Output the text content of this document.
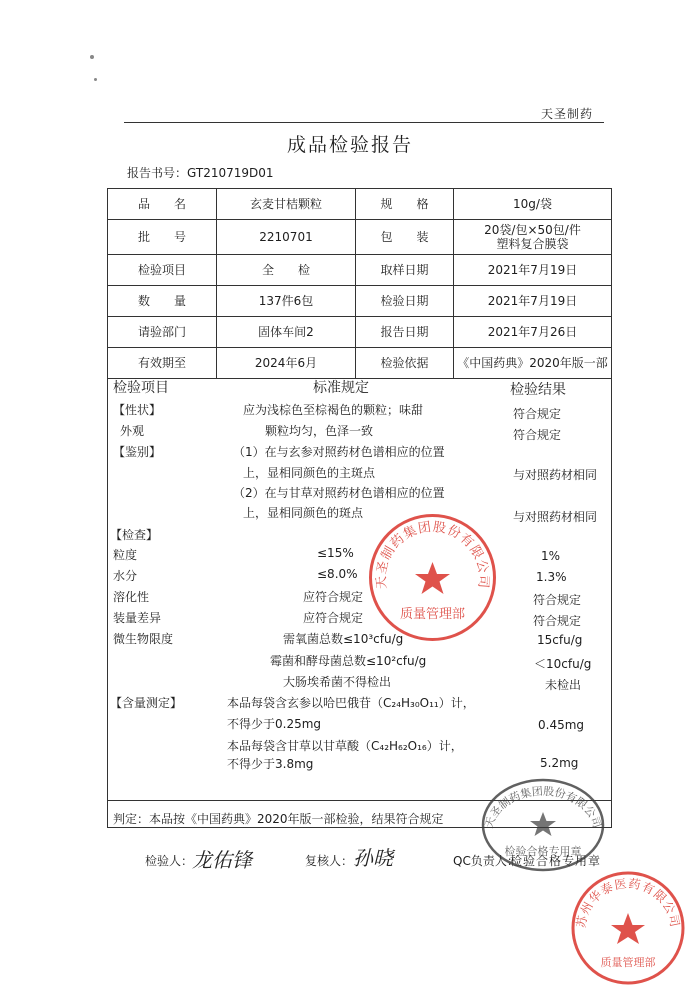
天圣制药
成品检验报告
报告书号：GT210719D01
品　　名	玄麦甘桔颗粒	规　　格	10g/袋
批　　号	2210701	包　　装	20袋/包×50包/件
塑料复合膜袋

检验项目	全　　检	取样日期	2021年7月19日
数　　量	137件6包	检验日期	2021年7月19日
请验部门	固体车间2	报告日期	2021年7月26日
有效期至	2024年6月	检验依据	《中国药典》2020年版一部
检验项目	标准规定	检验结果
【性状】	应为浅棕色至棕褐色的颗粒；味甜	符合规定
外观	颗粒均匀，色泽一致	符合规定
【鉴别】	（1）在与玄参对照药材色谱相应的位置
上，显相同颜色的主斑点	与对照药材相同
（2）在与甘草对照药材色谱相应的位置
上，显相同颜色的斑点	与对照药材相同
【检查】
粒度	≤15%	1%
水分	≤8.0%	1.3%
溶化性	应符合规定	符合规定
装量差异	应符合规定	符合规定
微生物限度	需氧菌总数≤10³cfu/g	15cfu/g
霉菌和酵母菌总数≤10²cfu/g	＜10cfu/g
大肠埃希菌不得检出	未检出
【含量测定】	本品每袋含玄参以哈巴俄苷（C₂₄H₃₀O₁₁）计，
不得少于0.25mg	0.45mg
本品每袋含甘草以甘草酸（C₄₂H₆₂O₁₆）计，
不得少于3.8mg	5.2mg
判定：本品按《中国药典》2020年版一部检验，结果符合规定
检验人：
龙佑锋	复核人： 孙晓	QC负责人：
检验合格专用章
天圣制药集团股份有限公司
质量管理部
天圣制药集团股份有限公司
检验合格专用章
苏州华泰医药有限公司
质量管理部
